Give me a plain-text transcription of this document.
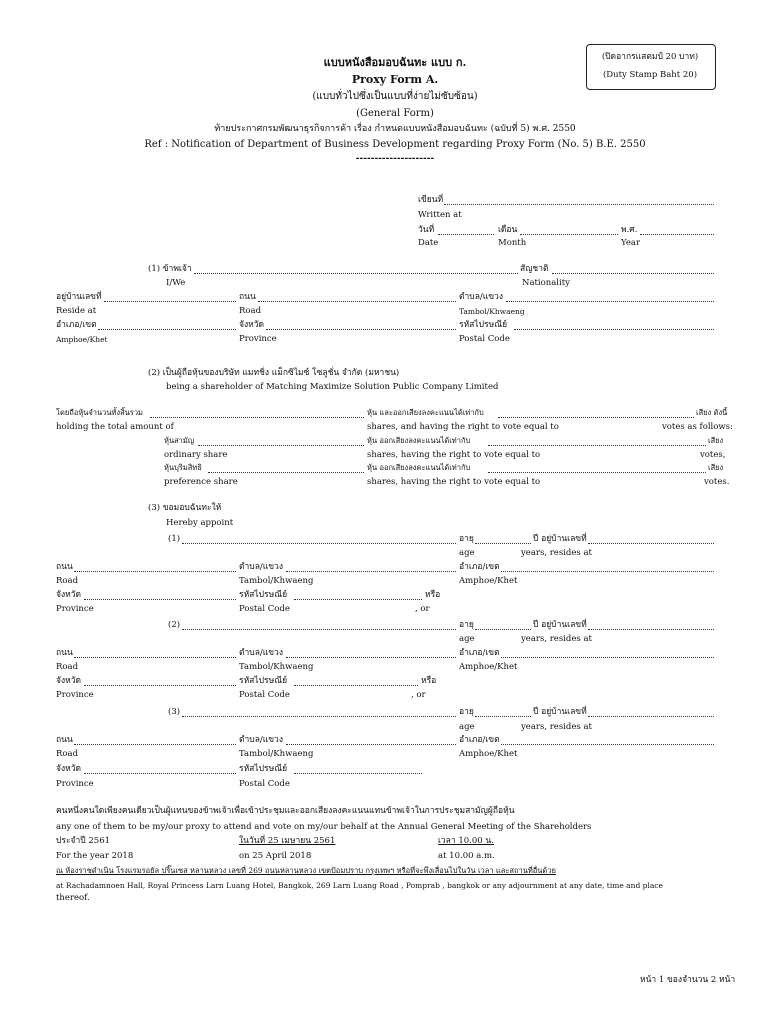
(ปิดอากรแสตมป์ 20 บาท)
(Duty Stamp Baht 20)
แบบหนังสือมอบฉันทะ แบบ ก.
Proxy Form A.
(แบบทั่วไปซึ่งเป็นแบบที่ง่ายไม่ซับซ้อน)
(General Form)
ท้ายประกาศกรมพัฒนาธุรกิจการค้า เรื่อง กำหนดแบบหนังสือมอบฉันทะ (ฉบับที่ 5) พ.ศ. 2550
Ref : Notification of Department of Business Development regarding Proxy Form (No. 5) B.E. 2550
---------------------
เขียนที่
Written at
วันที่	เดือน	พ.ศ.
Date	Month	Year
(1) ข้าพเจ้า	สัญชาติ
I/We	Nationality
อยู่บ้านเลขที่	ถนน	ตำบล/แขวง
Reside at	Road	Tambol/Khwaeng
อำเภอ/เขต	จังหวัด	รหัสไปรษณีย์
Amphoe/Khet	Province	Postal Code
(2) เป็นผู้ถือหุ้นของบริษัท แมทชิ่ง แม็กซิไมซ์ โซลูชั่น จำกัด (มหาชน)
being a shareholder of Matching Maximize Solution Public Company Limited
โดยถือหุ้นจำนวนทั้งสิ้นรวม	หุ้น และออกเสียงลงคะแนนได้เท่ากับ	เสียง ดังนี้
holding the total amount of	shares, and having the right to vote equal to	votes as follows:
หุ้นสามัญ	หุ้น ออกเสียงลงคะแนนได้เท่ากับ	เสียง
ordinary share	shares, having the right to vote equal to	votes,
หุ้นบุริมสิทธิ	หุ้น ออกเสียงลงคะแนนได้เท่ากับ	เสียง
preference share	shares, having the right to vote equal to	votes.
(3) ขอมอบฉันทะให้
Hereby appoint
(1)	อายุ	ปี อยู่บ้านเลขที่
age	years, resides at
ถนน	ตำบล/แขวง	อำเภอ/เขต
Road	Tambol/Khwaeng	Amphoe/Khet
จังหวัด	รหัสไปรษณีย์	หรือ
Province	Postal Code	, or
(2)	อายุ	ปี อยู่บ้านเลขที่
age	years, resides at
ถนน	ตำบล/แขวง	อำเภอ/เขต
Road	Tambol/Khwaeng	Amphoe/Khet
จังหวัด	รหัสไปรษณีย์	หรือ
Province	Postal Code	, or
(3)	อายุ	ปี อยู่บ้านเลขที่
age	years, resides at
ถนน	ตำบล/แขวง	อำเภอ/เขต
Road	Tambol/Khwaeng	Amphoe/Khet
จังหวัด	รหัสไปรษณีย์
Province	Postal Code
คนหนึ่งคนใดเพียงคนเดียวเป็นผู้แทนของข้าพเจ้าเพื่อเข้าประชุมและออกเสียงลงคะแนนแทนข้าพเจ้าในการประชุมสามัญผู้ถือหุ้น
any one of them to be my/our proxy to attend and vote on my/our behalf at the Annual General Meeting of the Shareholders
ประจำปี 2561	ในวันที่ 25 เมษายน 2561	เวลา 10.00 น.
For the year 2018	on 25 April 2018	at 10.00 a.m.
ณ ห้องราชดำเนิน โรงแรมรอยัล ปริ๊นเซส หลานหลวง เลขที่ 269 ถนนหลานหลวง เขตป้อมปราบ กรุงเทพฯ หรือที่จะพึงเลื่อนไปในวัน เวลา และสถานที่อื่นด้วย
at Rachadamnoen Hall, Royal Princess Larn Luang Hotel, Bangkok, 269 Larn Luang Road , Pomprab , bangkok or any adjournment at any date, time and place
thereof.
หน้า 1 ของจำนวน 2 หน้า
